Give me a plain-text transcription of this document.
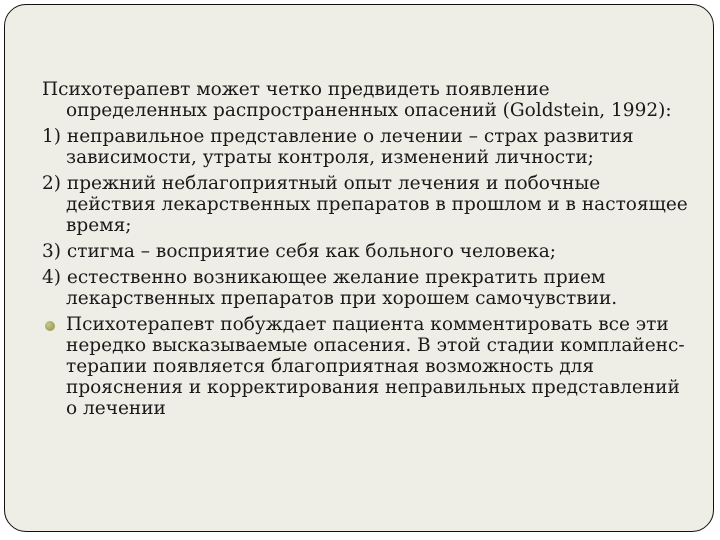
Психотерапевт может четко предвидеть появление определенных распространенных опасений (Goldstein, 1992):

1) неправильное представление о лечении – страх развития зависимости, утраты контроля, изменений личности;

2) прежний неблагоприятный опыт лечения и побочные действия лекарственных препаратов в прошлом и в настоящее время;

3) стигма – восприятие себя как больного человека;

4) естественно возникающее желание прекратить прием лекарственных препаратов при хорошем самочувствии.

Психотерапевт побуждает пациента комментировать все эти нередко высказываемые опасения. В этой стадии комплайенс-терапии появляется благоприятная возможность для прояснения и корректирования неправильных представлений о лечении
